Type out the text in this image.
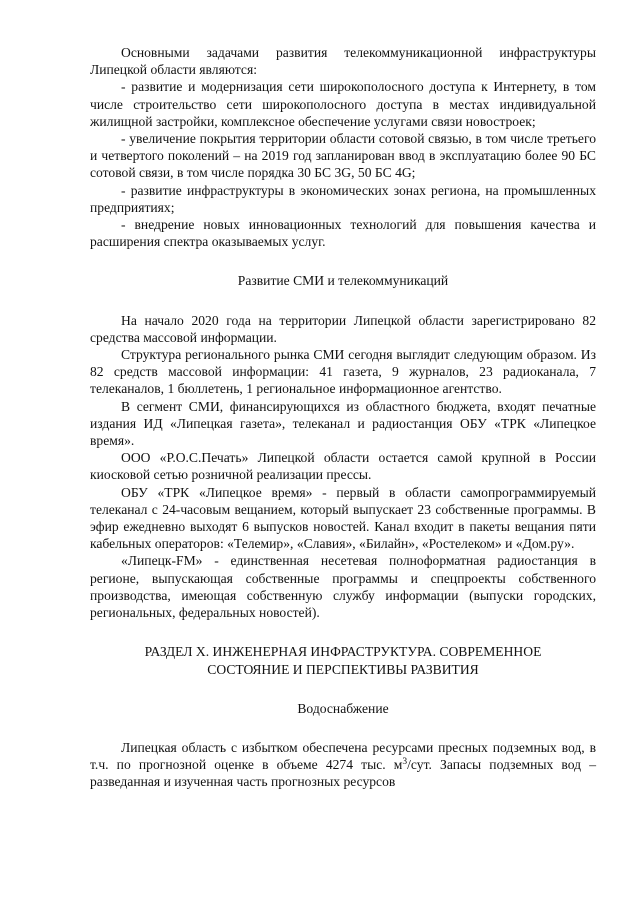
Основными задачами развития телекоммуникационной инфраструктуры Липецкой области являются:

- развитие и модернизация сети широкополосного доступа к Интернету, в том числе строительство сети широкополосного доступа в местах индивидуальной жилищной застройки, комплексное обеспечение услугами связи новостроек;

- увеличение покрытия территории области сотовой связью, в том числе третьего и четвертого поколений – на 2019 год запланирован ввод в эксплуатацию более 90 БС сотовой связи, в том числе порядка 30 БС 3G, 50 БС 4G;

- развитие инфраструктуры в экономических зонах региона, на промышленных предприятиях;

- внедрение новых инновационных технологий для повышения качества и расширения спектра оказываемых услуг.

Развитие СМИ и телекоммуникаций

На начало 2020 года на территории Липецкой области зарегистрировано 82 средства массовой информации.

Структура регионального рынка СМИ сегодня выглядит следующим образом. Из 82 средств массовой информации: 41 газета, 9 журналов, 23 радиоканала, 7 телеканалов, 1 бюллетень, 1 региональное информационное агентство.

В сегмент СМИ, финансирующихся из областного бюджета, входят печатные издания ИД «Липецкая газета», телеканал и радиостанция ОБУ «ТРК «Липецкое время».

ООО «Р.О.С.Печать» Липецкой области остается самой крупной в России киосковой сетью розничной реализации прессы.

ОБУ «ТРК «Липецкое время» - первый в области самопрограммируемый телеканал с 24-часовым вещанием, который выпускает 23 собственные программы. В эфир ежедневно выходят 6 выпусков новостей. Канал входит в пакеты вещания пяти кабельных операторов: «Телемир», «Славия», «Билайн», «Ростелеком» и «Дом.ру».

«Липецк-FM» - единственная несетевая полноформатная радиостанция в регионе, выпускающая собственные программы и спецпроекты собственного производства, имеющая собственную службу информации (выпуски городских, региональных, федеральных новостей).

РАЗДЕЛ X. ИНЖЕНЕРНАЯ ИНФРАСТРУКТУРА. СОВРЕМЕННОЕ

СОСТОЯНИЕ И ПЕРСПЕКТИВЫ РАЗВИТИЯ

Водоснабжение

Липецкая область с избытком обеспечена ресурсами пресных подземных вод, в т.ч. по прогнозной оценке в объеме 4274 тыс. $м^3$/сут. Запасы подземных вод – разведанная и изученная часть прогнозных ресурсов
